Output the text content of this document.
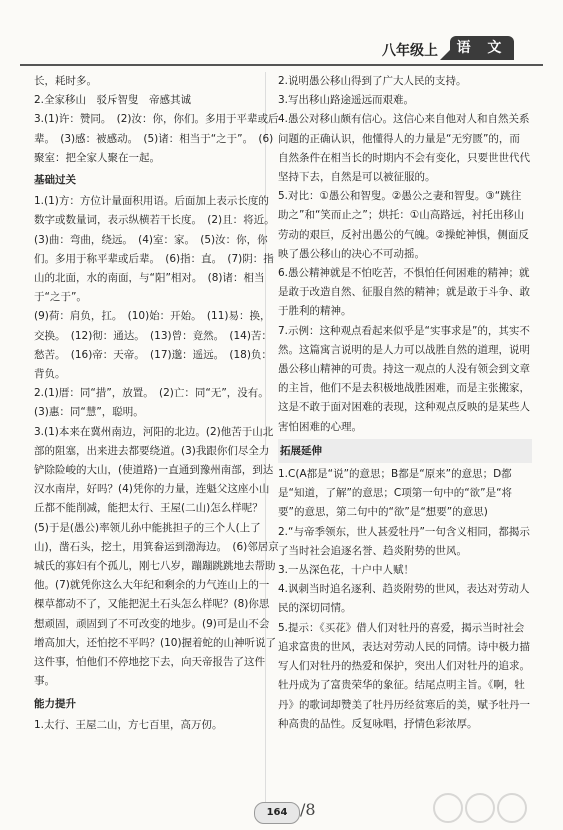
八年级上	语 文

长，耗时多。

2.全家移山　驳斥智叟　帝感其诚

3.(1)许：赞同。　(2)汝：你，你们。多用于平辈或后辈。　(3)感：被感动。　(5)诸：相当于“之于”。　(6)聚室：把全家人聚在一起。

基础过关

1.(1)方：方位计量面积用语。后面加上表示长度的数字或数量词，表示纵横若干长度。　(2)且：将近。

(3)曲：弯曲，绕远。　(4)室：家。　(5)汝：你，你们。多用于称平辈或后辈。　(6)指：直。　(7)阴：指山的北面，水的南面，与“阳”相对。　(8)诸：相当于“之于”。

(9)荷：肩负，扛。　(10)始：开始。　(11)易：换，交换。　(12)彻：通达。　(13)曾：竟然。　(14)苦：愁苦。　(16)帝：天帝。　(17)邈：遥远。　(18)负：背负。

2.(1)厝：同“措”，放置。　(2)亡：同“无”，没有。　(3)惠：同“慧”，聪明。

3.(1)本来在冀州南边，河阳的北边。(2)他苦于山北部的阻塞，出来进去都要绕道。(3)我跟你们尽全力铲除险峻的大山，(使道路)一直通到豫州南部，到达汉水南岸，好吗？(4)凭你的力量，连魁父这座小山丘都不能削减，能把太行、王屋(二山)怎么样呢？　(5)于是(愚公)率领儿孙中能挑担子的三个人(上了山)，凿石头，挖土，用箕畚运到渤海边。　(6)邻居京城氏的寡妇有个孤儿，刚七八岁，蹦蹦跳跳地去帮助他。(7)就凭你这么大年纪和剩余的力气连山上的一棵草都动不了，又能把泥土石头怎么样呢？(8)你思想顽固，顽固到了不可改变的地步。(9)可是山不会增高加大，还怕挖不平吗？(10)握着蛇的山神听说了这件事，怕他们不停地挖下去，向天帝报告了这件事。

能力提升

1.太行、王屋二山，方七百里，高万仞。

2.说明愚公移山得到了广大人民的支持。

3.写出移山路途遥远而艰难。

4.愚公对移山颇有信心。这信心来自他对人和自然关系问题的正确认识，他懂得人的力量是“无穷匮”的，而自然条件在相当长的时期内不会有变化，只要世世代代坚持下去，自然是可以被征服的。

5.对比：①愚公和智叟。②愚公之妻和智叟。③“跳往助之”和“笑而止之”；烘托：①山高路远，衬托出移山劳动的艰巨，反衬出愚公的气魄。②操蛇神惧，侧面反映了愚公移山的决心不可动摇。

6.愚公精神就是不怕吃苦，不惧怕任何困难的精神；就是敢于改造自然、征服自然的精神；就是敢于斗争、敢于胜利的精神。

7.示例：这种观点看起来似乎是“实事求是”的，其实不然。这篇寓言说明的是人力可以战胜自然的道理，说明愚公移山精神的可贵。持这一观点的人没有领会到文章的主旨，他们不是去积极地战胜困难，而是主张搬家，这是不敢于面对困难的表现，这种观点反映的是某些人害怕困难的心理。

拓展延伸

1.C(A都是“说”的意思；B都是“原来”的意思；D都是“知道，了解”的意思；C项第一句中的“欲”是“将要”的意思，第二句中的“欲”是“想要”的意思)

2.“与帝季领东，世人甚爱牡丹”一句含义相同，都揭示了当时社会追逐名誉、趋炎附势的世风。

3.一丛深色花，十户中人赋！

4.讽刺当时追名逐利、趋炎附势的世风，表达对劳动人民的深切同情。

5.提示：《买花》借人们对牡丹的喜爱，揭示当时社会追求富贵的世风，表达对劳动人民的同情。诗中极力描写人们对牡丹的热爱和保护，突出人们对牡丹的追求。牡丹成为了富贵荣华的象征。结尾点明主旨。《啊，牡丹》的歌词却赞美了牡丹历经贫寒后的美，赋予牡丹一种高贵的品性。反复咏唱，抒情色彩浓厚。

164 /8
